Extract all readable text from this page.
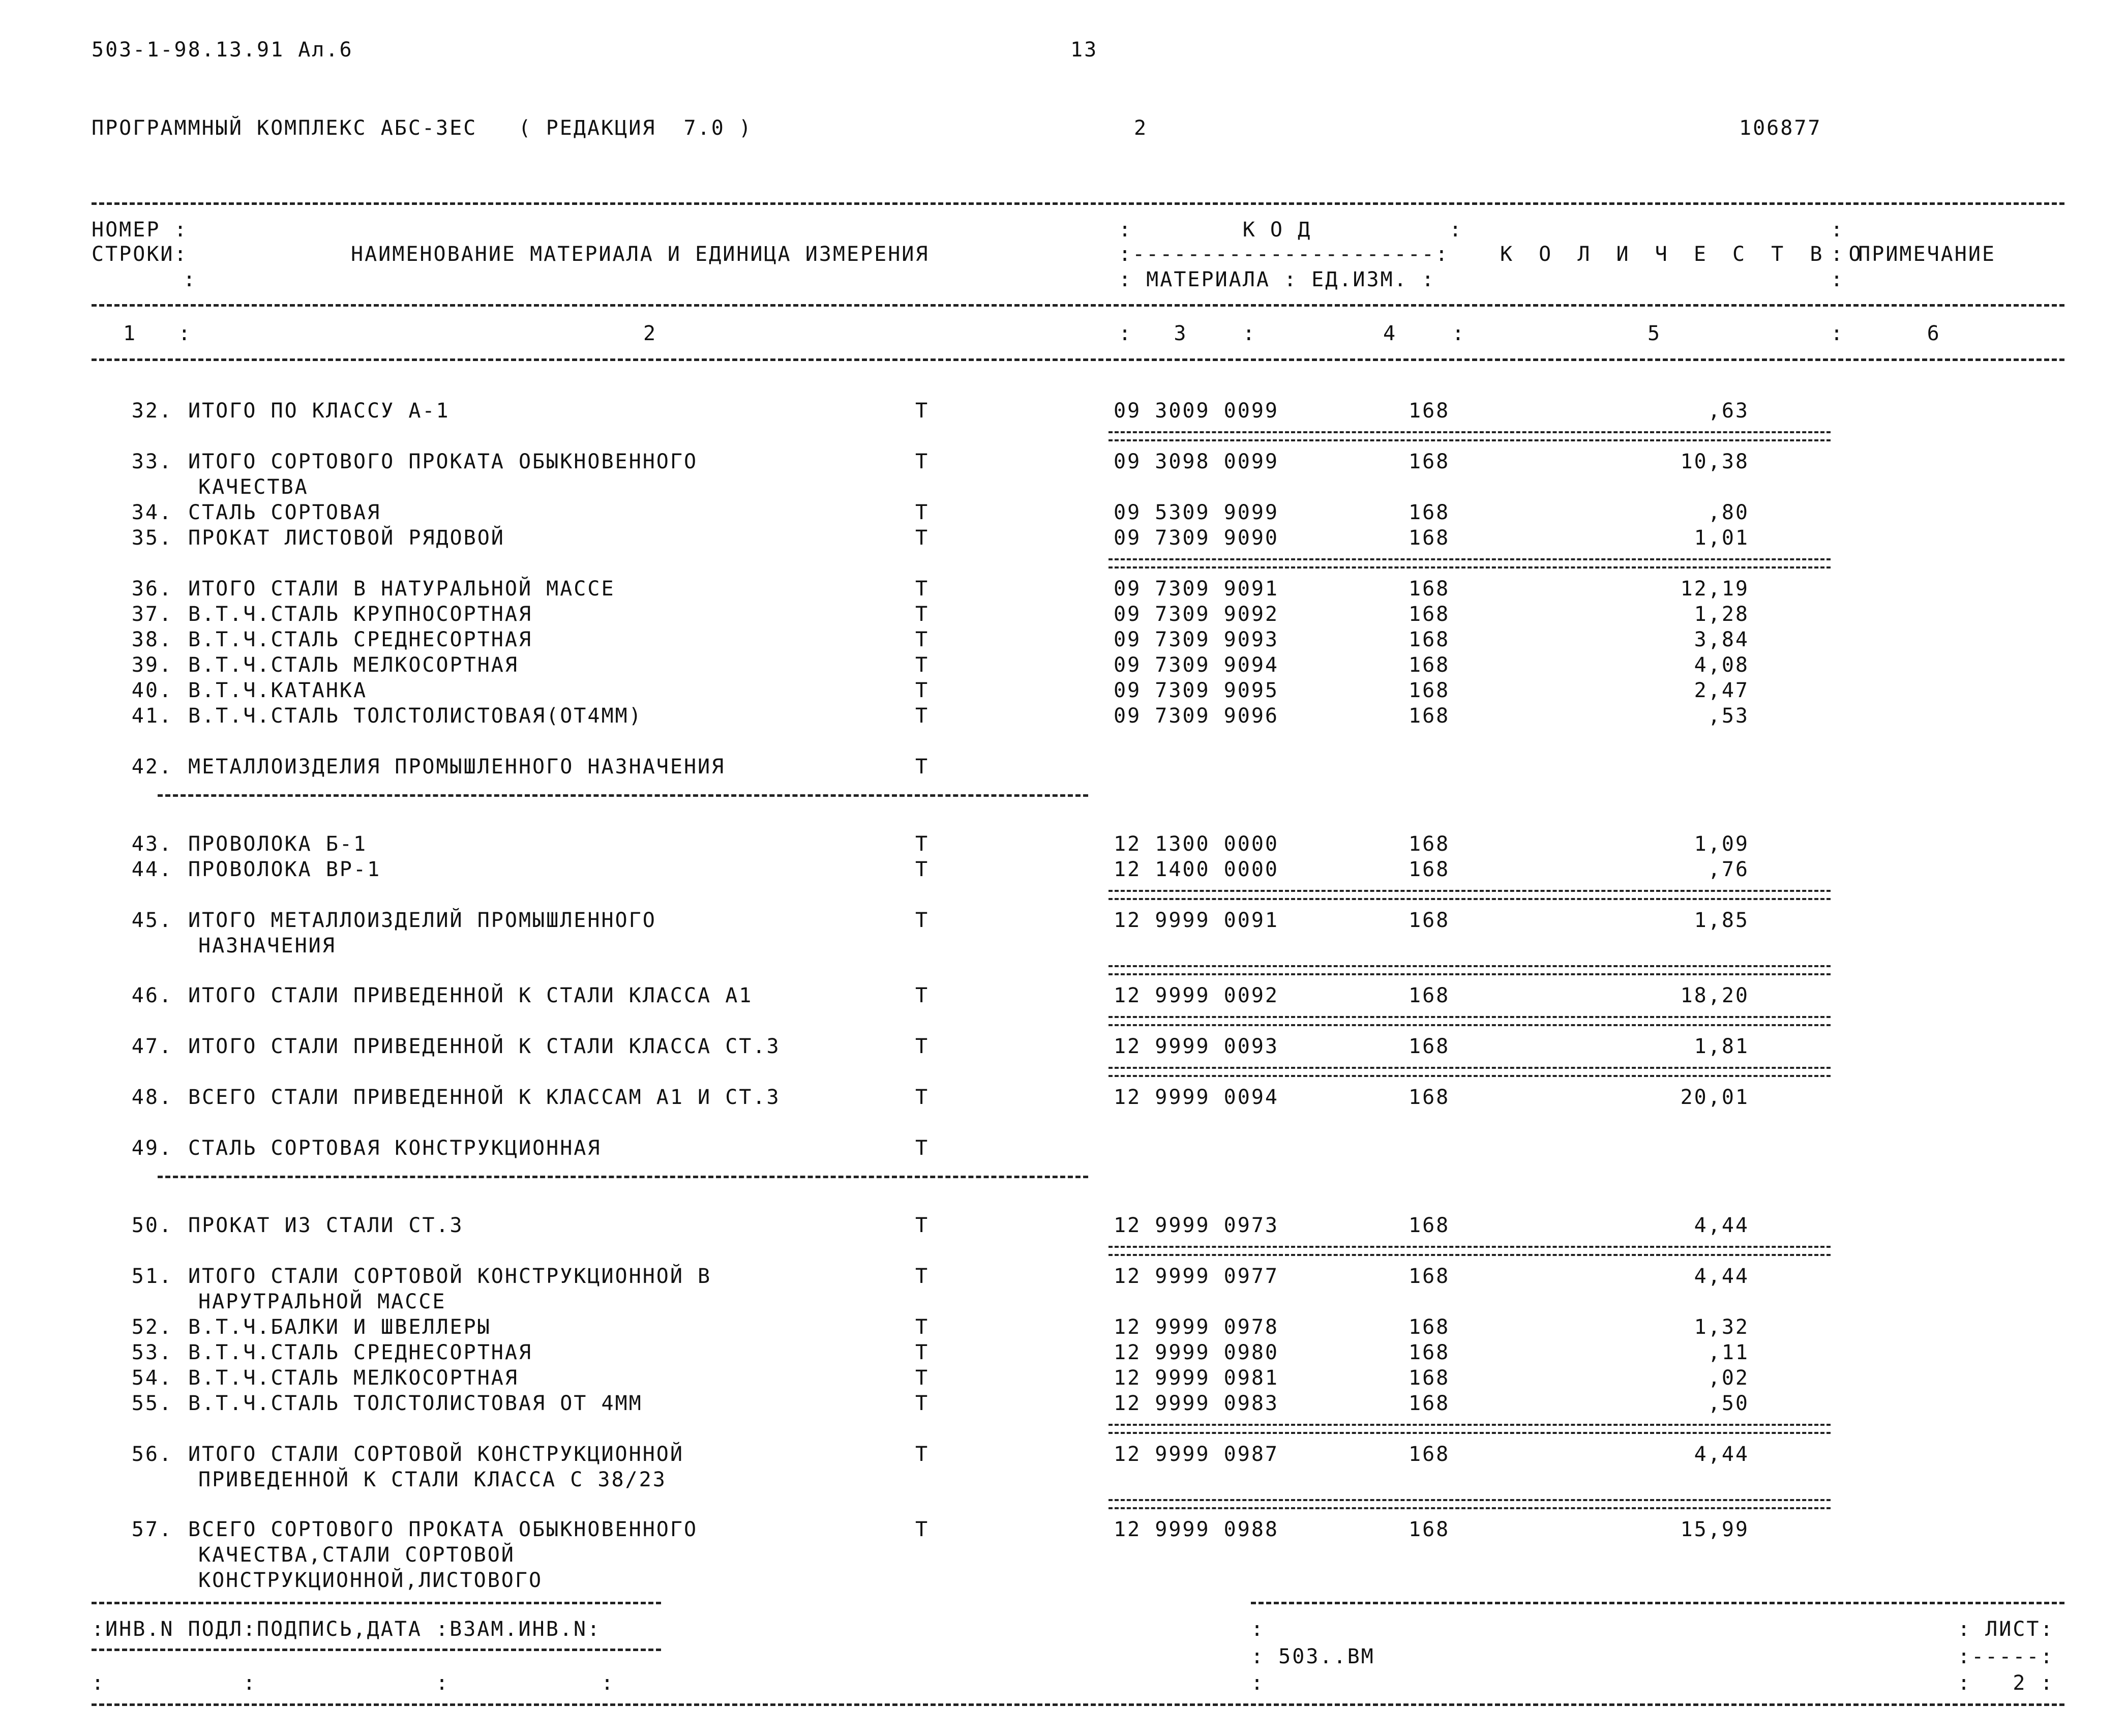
503-1-98.13.91 Ал.6	13
ПРОГРАММНЫЙ КОМПЛЕКС АБС-3ЕС   ( РЕДАКЦИЯ  7.0 )	2	106877
НОМЕР :
СТРОКИ:
:
НАИМЕНОВАНИЕ МАТЕРИАЛА И ЕДИНИЦА ИЗМЕРЕНИЯ
:        К О Д          :
:----------------------:
: МАТЕРИАЛА : ЕД.ИЗМ. :
К О Л И Ч Е С Т В О
: ПРИМЕЧАНИЕ
:
:
1   :	2	:   3    :	4    :	5	:      6
32. ИТОГО ПО КЛАССУ А-1	Т	09 3009 0099	168	,63
33. ИТОГО СОРТОВОГО ПРОКАТА ОБЫКНОВЕННОГО	Т	09 3098 0099	168	10,38
КАЧЕСТВА
34. СТАЛЬ СОРТОВАЯ	Т	09 5309 9099	168	,80
35. ПРОКАТ ЛИСТОВОЙ РЯДОВОЙ	Т	09 7309 9090	168	1,01
36. ИТОГО СТАЛИ В НАТУРАЛЬНОЙ МАССЕ	Т	09 7309 9091	168	12,19
37. В.Т.Ч.СТАЛЬ КРУПНОСОРТНАЯ	Т	09 7309 9092	168	1,28
38. В.Т.Ч.СТАЛЬ СРЕДНЕСОРТНАЯ	Т	09 7309 9093	168	3,84
39. В.Т.Ч.СТАЛЬ МЕЛКОСОРТНАЯ	Т	09 7309 9094	168	4,08
40. В.Т.Ч.КАТАНКА	Т	09 7309 9095	168	2,47
41. В.Т.Ч.СТАЛЬ ТОЛСТОЛИСТОВАЯ(ОТ4ММ)	Т	09 7309 9096	168	,53
42. МЕТАЛЛОИЗДЕЛИЯ ПРОМЫШЛЕННОГО НАЗНАЧЕНИЯ	Т
43. ПРОВОЛОКА Б-1	Т	12 1300 0000	168	1,09
44. ПРОВОЛОКА ВР-1	Т	12 1400 0000	168	,76
45. ИТОГО МЕТАЛЛОИЗДЕЛИЙ ПРОМЫШЛЕННОГО	Т	12 9999 0091	168	1,85
НАЗНАЧЕНИЯ
46. ИТОГО СТАЛИ ПРИВЕДЕННОЙ К СТАЛИ КЛАССА А1	Т	12 9999 0092	168	18,20
47. ИТОГО СТАЛИ ПРИВЕДЕННОЙ К СТАЛИ КЛАССА СТ.3	Т	12 9999 0093	168	1,81
48. ВСЕГО СТАЛИ ПРИВЕДЕННОЙ К КЛАССАМ А1 И СТ.3	Т	12 9999 0094	168	20,01
49. СТАЛЬ СОРТОВАЯ КОНСТРУКЦИОННАЯ	Т
50. ПРОКАТ ИЗ СТАЛИ СТ.3	Т	12 9999 0973	168	4,44
51. ИТОГО СТАЛИ СОРТОВОЙ КОНСТРУКЦИОННОЙ В	Т	12 9999 0977	168	4,44
НАРУТРАЛЬНОЙ МАССЕ
52. В.Т.Ч.БАЛКИ И ШВЕЛЛЕРЫ	Т	12 9999 0978	168	1,32
53. В.Т.Ч.СТАЛЬ СРЕДНЕСОРТНАЯ	Т	12 9999 0980	168	,11
54. В.Т.Ч.СТАЛЬ МЕЛКОСОРТНАЯ	Т	12 9999 0981	168	,02
55. В.Т.Ч.СТАЛЬ ТОЛСТОЛИСТОВАЯ ОТ 4ММ	Т	12 9999 0983	168	,50
56. ИТОГО СТАЛИ СОРТОВОЙ КОНСТРУКЦИОННОЙ	Т	12 9999 0987	168	4,44
ПРИВЕДЕННОЙ К СТАЛИ КЛАССА С 38/23
57. ВСЕГО СОРТОВОГО ПРОКАТА ОБЫКНОВЕННОГО	Т	12 9999 0988	168	15,99
КАЧЕСТВА,СТАЛИ СОРТОВОЙ
КОНСТРУКЦИОННОЙ,ЛИСТОВОГО
:ИНВ.N ПОДЛ:ПОДПИСЬ,ДАТА :ВЗАМ.ИНВ.N:
:          :             :           :
:
: 503..ВМ
:
: ЛИСТ:
:-----:
:   2 :
